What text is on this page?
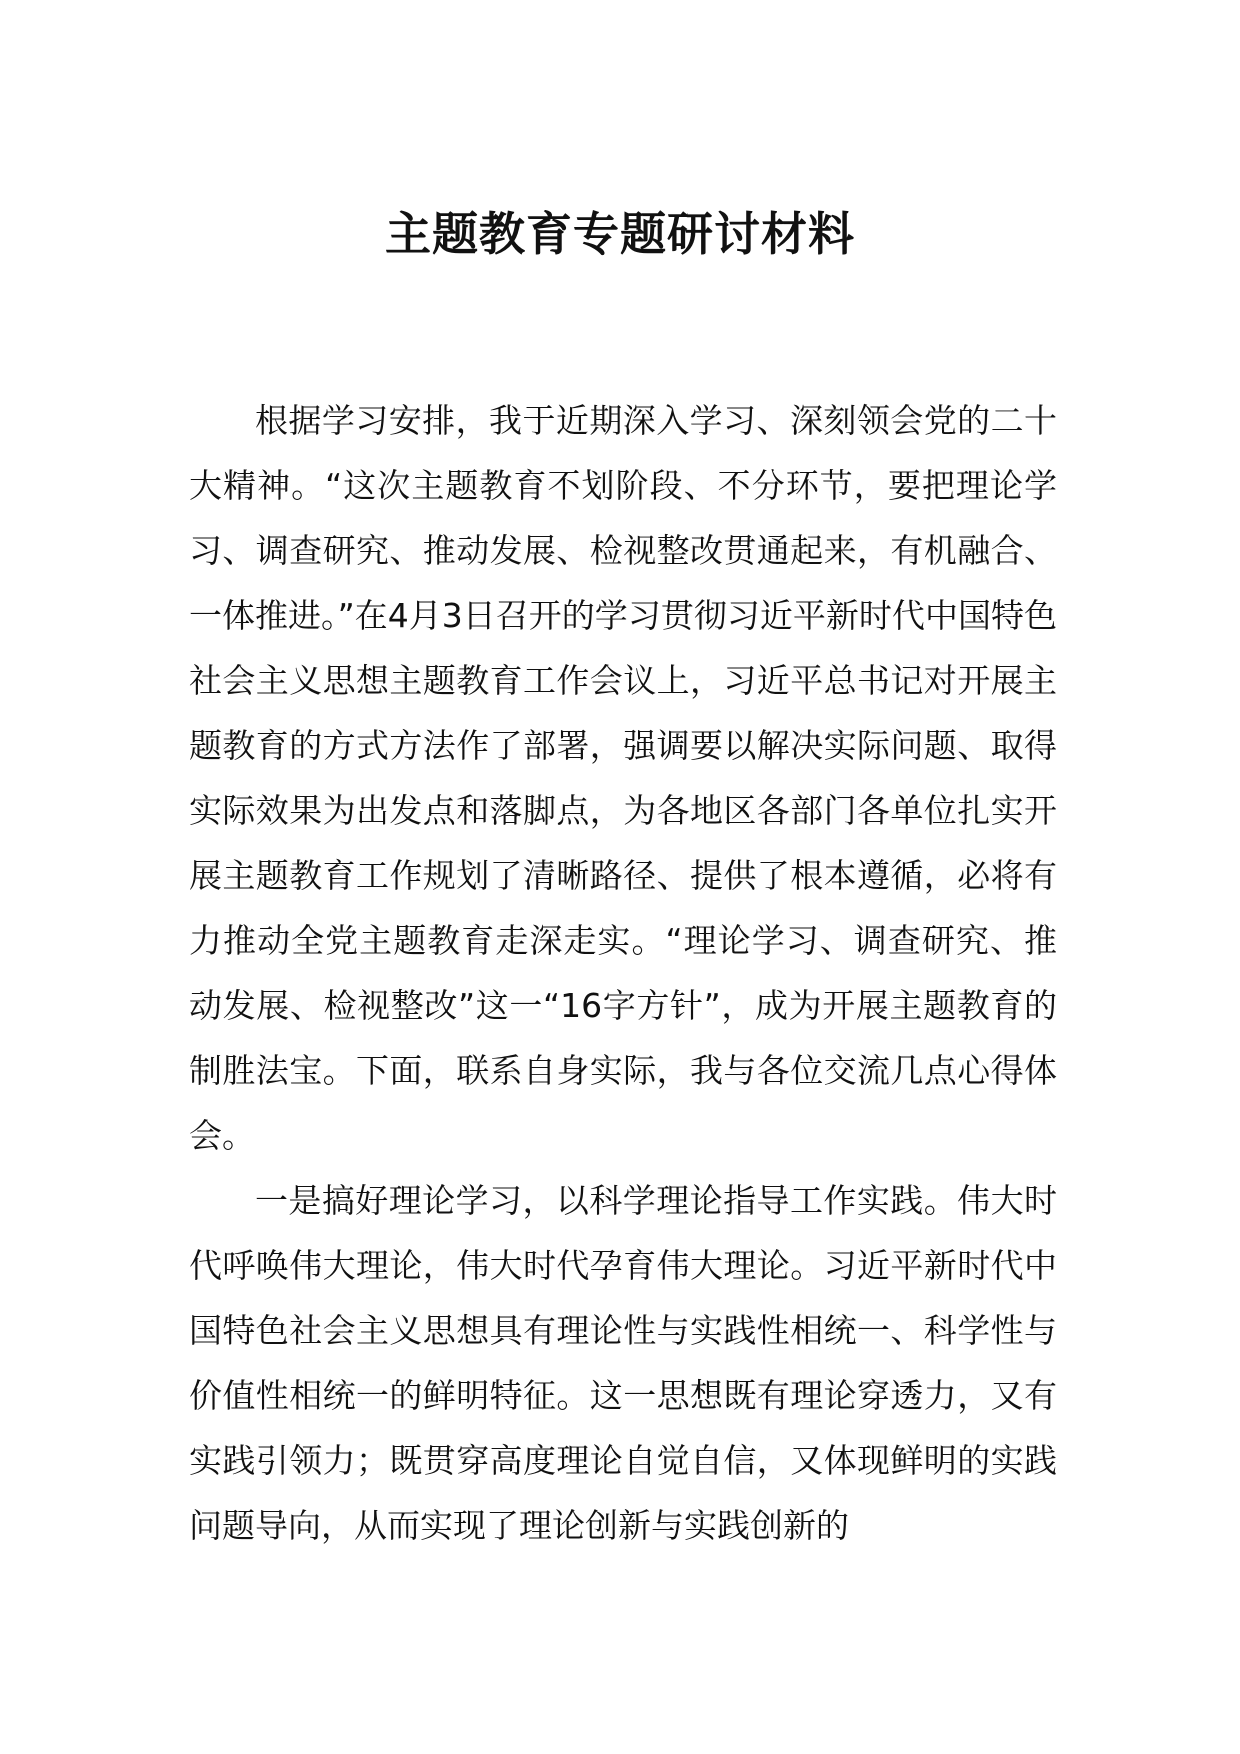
主题教育专题研讨材料

根据学习安排，我于近期深入学习、深刻领会党的二十大精神。“这次主题教育不划阶段、不分环节，要把理论学习、调查研究、推动发展、检视整改贯通起来，有机融合、一体推进。”在4月3日召开的学习贯彻习近平新时代中国特色社会主义思想主题教育工作会议上，习近平总书记对开展主题教育的方式方法作了部署，强调要以解决实际问题、取得实际效果为出发点和落脚点，为各地区各部门各单位扎实开展主题教育工作规划了清晰路径、提供了根本遵循，必将有力推动全党主题教育走深走实。“理论学习、调查研究、推动发展、检视整改”这一“16字方针”，成为开展主题教育的制胜法宝。下面，联系自身实际，我与各位交流几点心得体会。

一是搞好理论学习，以科学理论指导工作实践。伟大时代呼唤伟大理论，伟大时代孕育伟大理论。习近平新时代中国特色社会主义思想具有理论性与实践性相统一、科学性与价值性相统一的鲜明特征。这一思想既有理论穿透力，又有实践引领力；既贯穿高度理论自觉自信，又体现鲜明的实践问题导向，从而实现了理论创新与实践创新的
